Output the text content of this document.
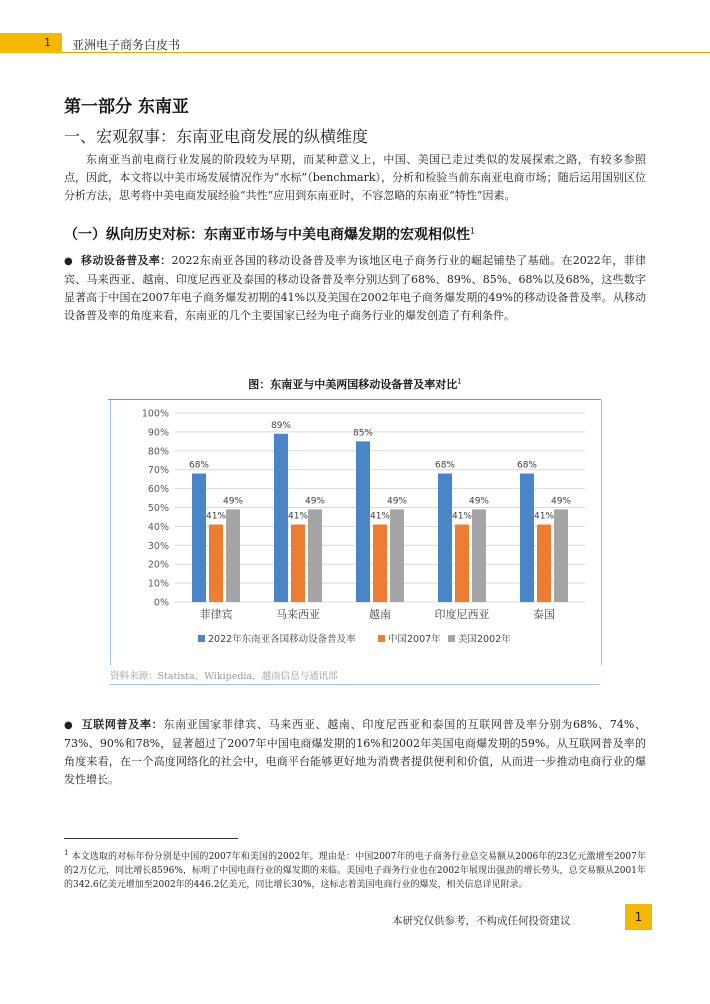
1 亚洲电子商务白皮书
第一部分 东南亚
一、宏观叙事：东南亚电商发展的纵横维度

东南亚当前电商行业发展的阶段较为早期，而某种意义上，中国、美国已走过类似的发展探索之路，有较多参照点，因此，本文将以中美市场发展情况作为“水标”（benchmark），分析和检验当前东南亚电商市场；随后运用国别区位分析方法，思考将中美电商发展经验“共性”应用到东南亚时，不容忽略的东南亚“特性”因素。

（一）纵向历史对标：东南亚市场与中美电商爆发期的宏观相似性$^1$

● 移动设备普及率：2022东南亚各国的移动设备普及率为该地区电子商务行业的崛起铺垫了基础。在2022年，菲律宾、马来西亚、越南、印度尼西亚及泰国的移动设备普及率分别达到了68%、89%、85%、68%以及68%，这些数字显著高于中国在2007年电子商务爆发初期的41%以及美国在2002年电子商务爆发期的49%的移动设备普及率。从移动设备普及率的角度来看，东南亚的几个主要国家已经为电子商务行业的爆发创造了有利条件。

图：东南亚与中美两国移动设备普及率对比$^1$
0%
10%
20%
30%
40%
50%
60%
70%
80%
90%
100%
68%
41%
49%
菲律宾
89%
41%
49%
马来西亚
85%
41%
49%
越南
68%
41%
49%
印度尼西亚
68%
41%
49%
泰国
2022年东南亚各国移动设备普及率	中国2007年 美国2002年
资料来源：Statista，Wikipedia，越南信息与通讯部

● 互联网普及率：东南亚国家菲律宾、马来西亚、越南、印度尼西亚和泰国的互联网普及率分别为68%、74%、73%、90%和78%，显著超过了2007年中国电商爆发期的16%和2002年美国电商爆发期的59%。从互联网普及率的角度来看，在一个高度网络化的社会中，电商平台能够更好地为消费者提供便利和价值，从而进一步推动电商行业的爆发性增长。

$^1$ 本文选取的对标年份分别是中国的2007年和美国的2002年。理由是：中国2007年的电子商务行业总交易额从2006年的23亿元激增至2007年的2万亿元，同比增长8596%，标明了中国电商行业的爆发期的来临。美国电子商务行业也在2002年展现出强劲的增长势头，总交易额从2001年的342.6亿美元增加至2002年的446.2亿美元，同比增长30%，这标志着美国电商行业的爆发，相关信息详见附录。

本研究仅供参考，不构成任何投资建议	1
